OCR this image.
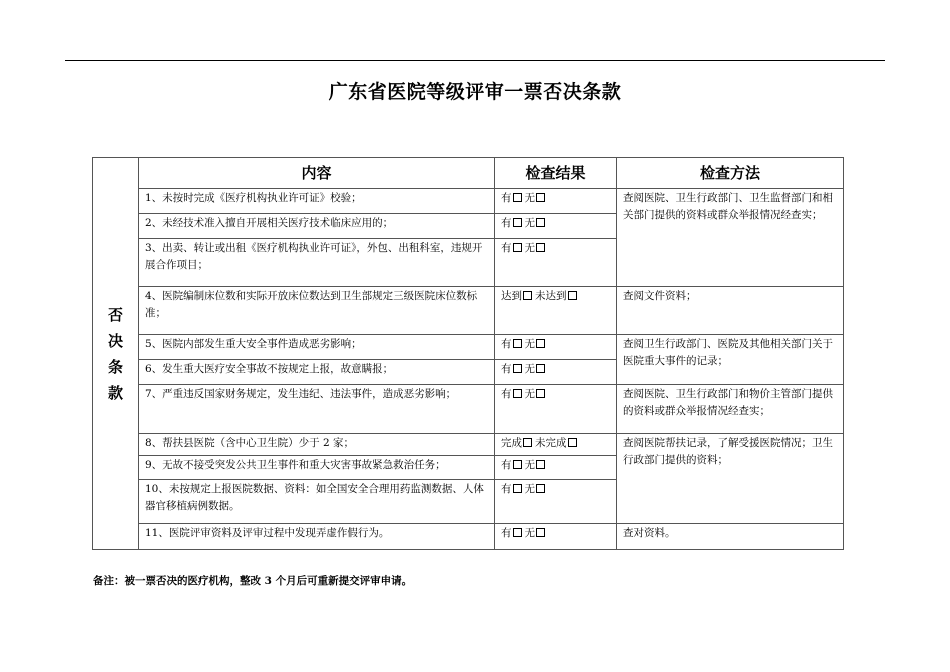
广东省医院等级评审一票否决条款
否决条款	内容	检查结果	检查方法
	1、未按时完成《医疗机构执业许可证》校验；	有 无	查阅医院、卫生行政部门、卫生监督部门和相关部门提供的资料或群众举报情况经查实；
	2、未经技术准入擅自开展相关医疗技术临床应用的；	有 无	
	3、出卖、转让或出租《医疗机构执业许可证》，外包、出租科室，违规开展合作项目；	有 无	
	4、医院编制床位数和实际开放床位数达到卫生部规定三级医院床位数标准；	达到 未达到	查阅文件资料；
	5、医院内部发生重大安全事件造成恶劣影响；	有 无	查阅卫生行政部门、医院及其他相关部门关于医院重大事件的记录；
	6、发生重大医疗安全事故不按规定上报，故意瞒报；	有 无	
	7、严重违反国家财务规定，发生违纪、违法事件，造成恶劣影响；	有 无	查阅医院、卫生行政部门和物价主管部门提供的资料或群众举报情况经查实；
	8、帮扶县医院（含中心卫生院）少于 2 家；	完成 未完成	查阅医院帮扶记录，了解受援医院情况；卫生行政部门提供的资料；
	9、无故不接受突发公共卫生事件和重大灾害事故紧急救治任务；	有 无	
	10、未按规定上报医院数据、资料：如全国安全合理用药监测数据、人体器官移植病例数据。	有 无	
	11、医院评审资料及评审过程中发现弄虚作假行为。	有 无	查对资料。
备注：被一票否决的医疗机构，整改 3 个月后可重新提交评审申请。
